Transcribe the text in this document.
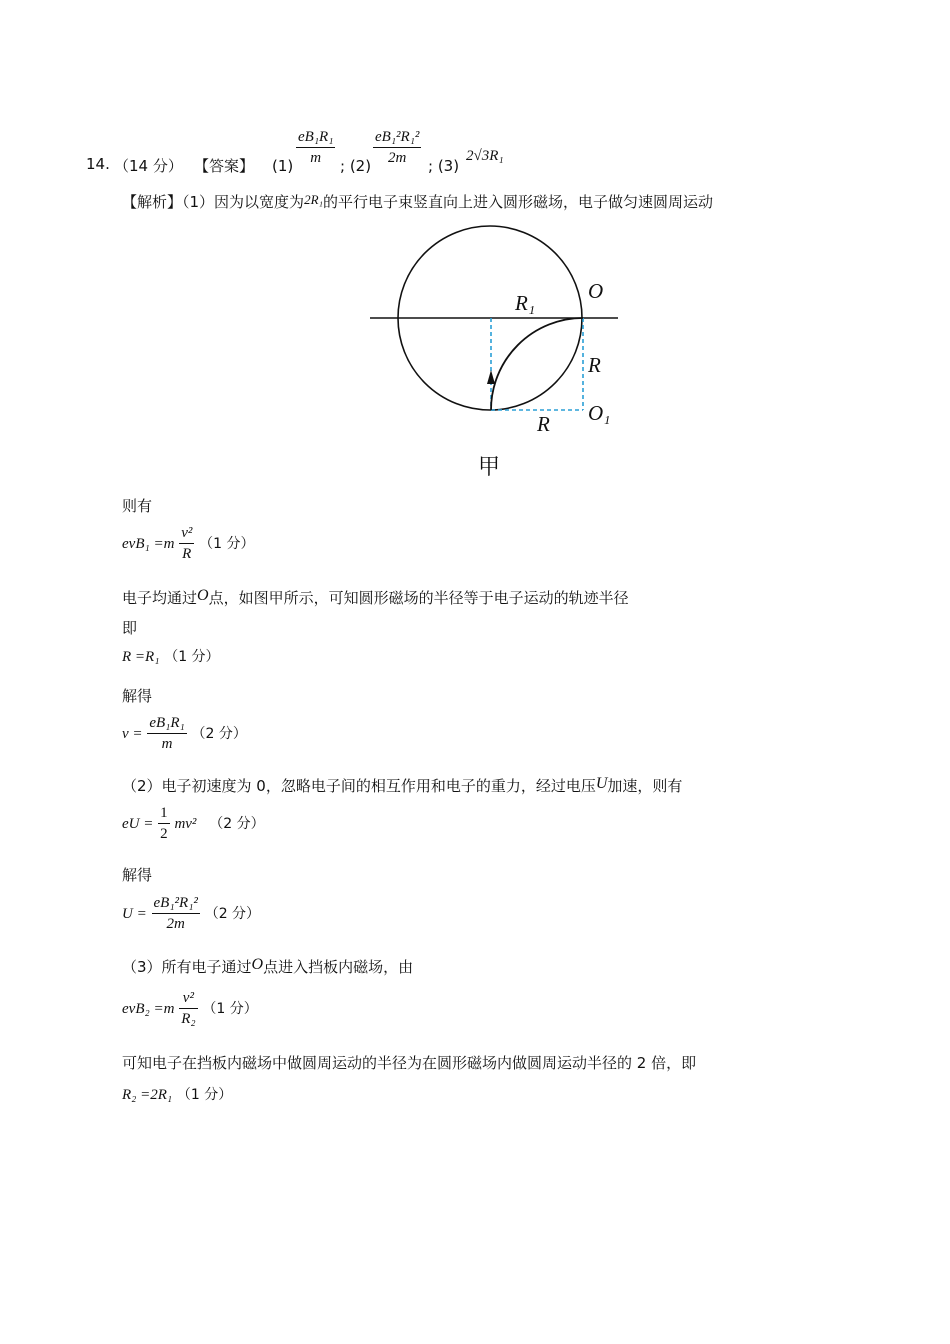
14. （14 分） 【答案】 $(1) \frac{\text{eB₁R₁}}{m}$ ; $(2) \frac{\text{eB₁²R₁²}}{2m}$ ; (3)
2√3R₁
【解析】（1）因为以宽度为2R₁的平行电子束竖直向上进入圆形磁场，电子做匀速圆周运动
R₁	O
R
O₁
R
甲
则有
$evB_1 =m \frac{\text{v²}}{R} (1$ 分）
电子均通过O点，如图甲所示，可知圆形磁场的半径等于电子运动的轨迹半径
即
R =R₁ （1 分）
解得
$v = \frac{\text{eB₁R₁}}{m} (2$ 分）
（2）电子初速度为 0，忽略电子间的相互作用和电子的重力，经过电压U加速，则有
eU = $\frac{1}{2} mv^2$ （2 分）
解得
$U = \frac{\text{eB₁²R₁²}}{2m} (2$ 分）
（3）所有电子通过O点进入挡板内磁场，由
$evB_2 =m \frac{\text{v²}}{\text{R₂}} (1$ 分）
可知电子在挡板内磁场中做圆周运动的半径为在圆形磁场内做圆周运动半径的 2 倍，即
R₂ =2R₁ （1 分）
